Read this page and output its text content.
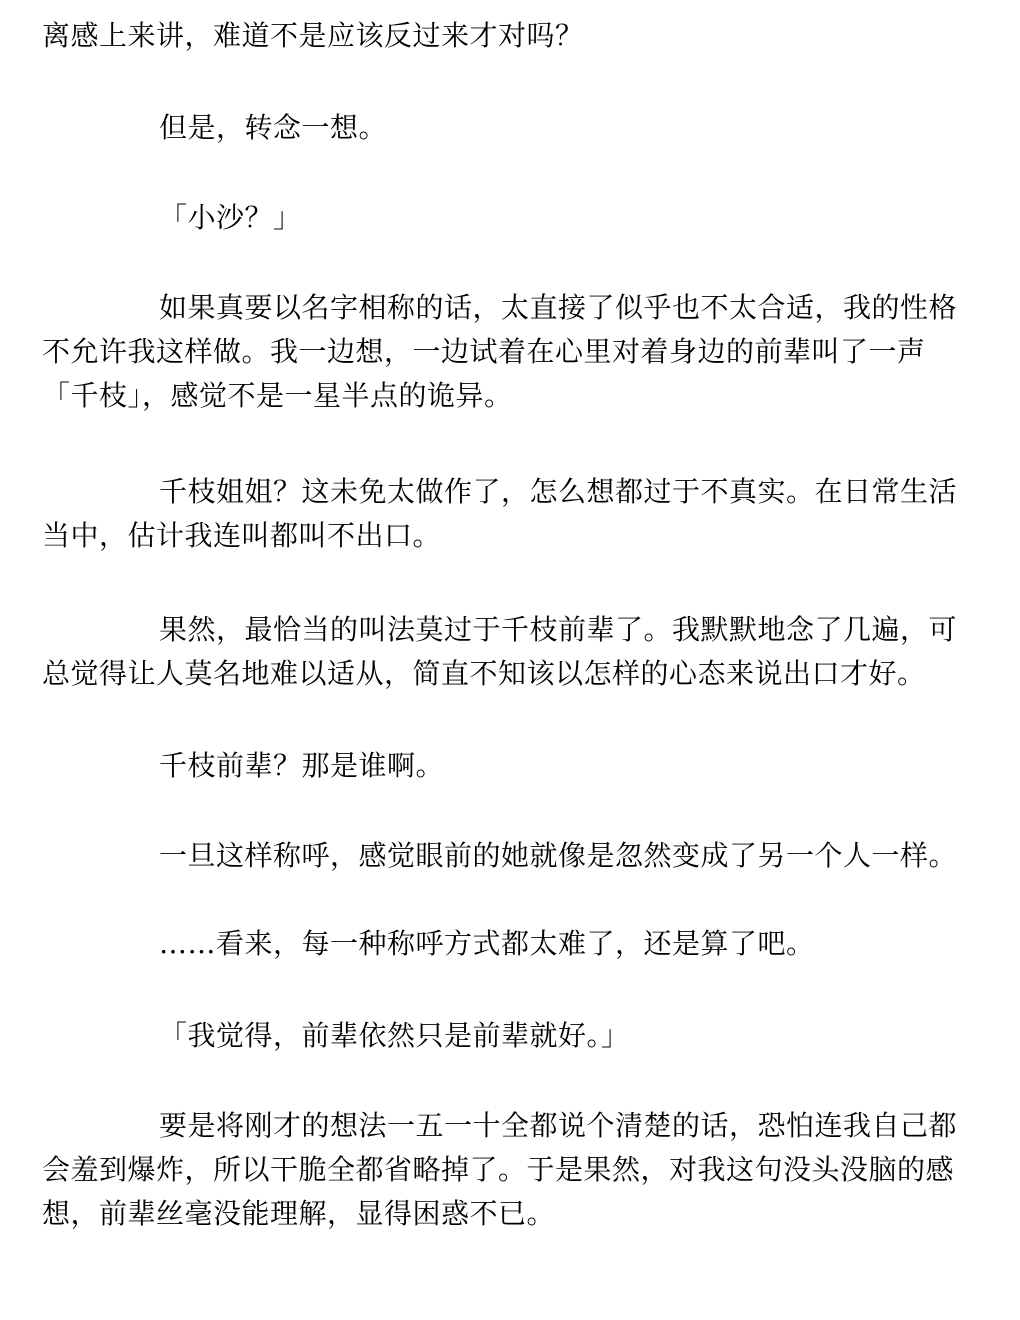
离感上来讲，难道不是应该反过来才对吗？

但是，转念一想。

「小沙？」

如果真要以名字相称的话，太直接了似乎也不太合适，我的性格不允许我这样做。我一边想，一边试着在心里对着身边的前辈叫了一声「千枝」，感觉不是一星半点的诡异。

千枝姐姐？这未免太做作了，怎么想都过于不真实。在日常生活当中，估计我连叫都叫不出口。

果然，最恰当的叫法莫过于千枝前辈了。我默默地念了几遍，可总觉得让人莫名地难以适从，简直不知该以怎样的心态来说出口才好。

千枝前辈？那是谁啊。

一旦这样称呼，感觉眼前的她就像是忽然变成了另一个人一样。

……看来，每一种称呼方式都太难了，还是算了吧。

「我觉得，前辈依然只是前辈就好。」

要是将刚才的想法一五一十全都说个清楚的话，恐怕连我自己都会羞到爆炸，所以干脆全都省略掉了。于是果然，对我这句没头没脑的感想，前辈丝毫没能理解，显得困惑不已。
